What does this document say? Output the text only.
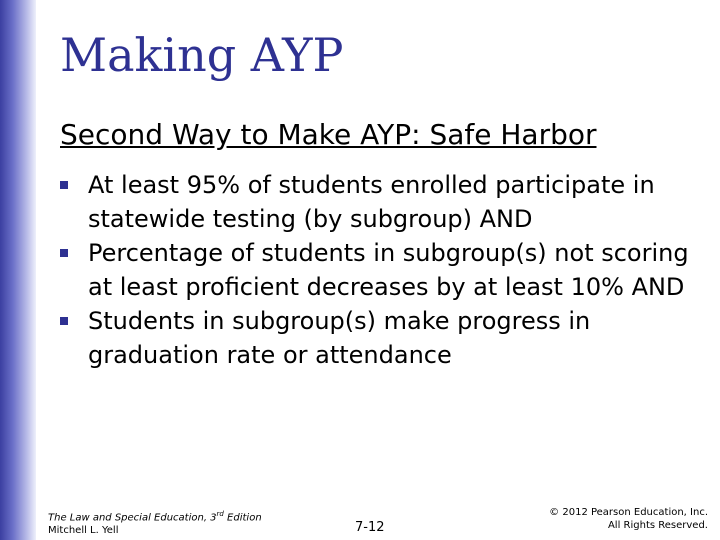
Making AYP
Second Way to Make AYP: Safe Harbor
At least 95% of students enrolled participate in statewide testing (by subgroup) AND
Percentage of students in subgroup(s) not scoring at least proficient decreases by at least 10% AND
Students in subgroup(s) make progress in graduation rate or attendance
The Law and Special Education, 3rd Edition
Mitchell L. Yell	7-12
© 2012 Pearson Education, Inc.
All Rights Reserved.
